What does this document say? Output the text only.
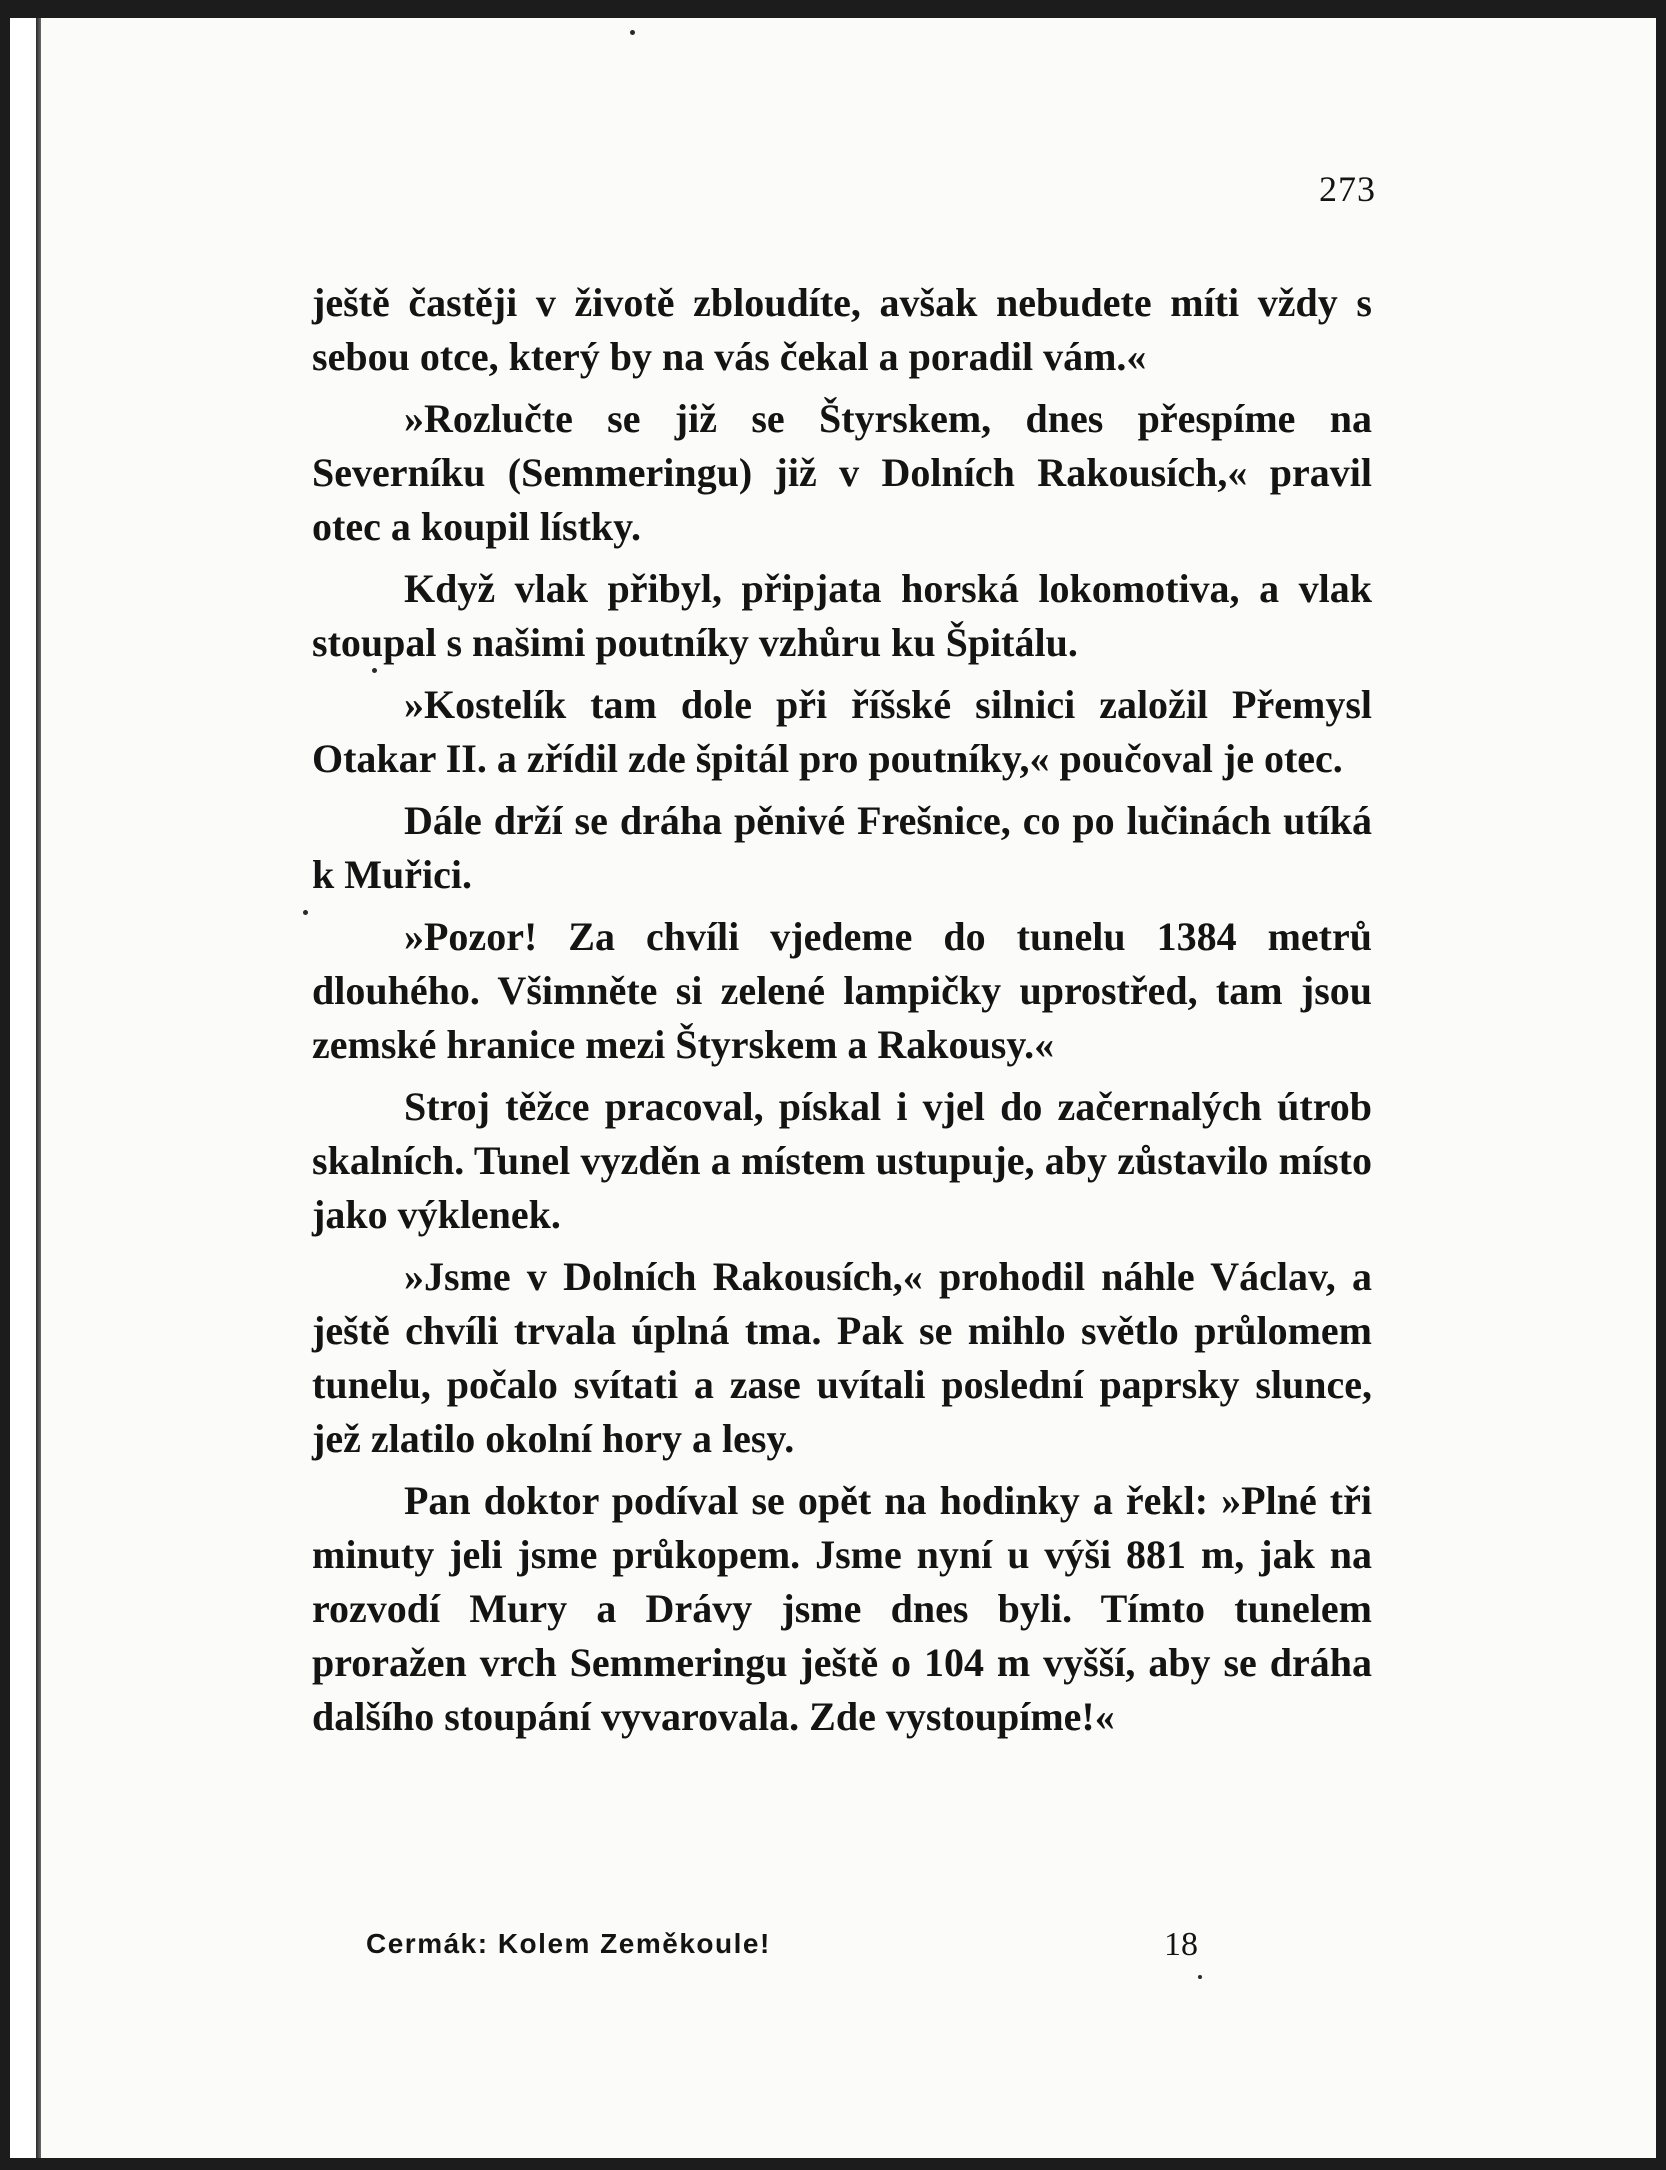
273

ještě častěji v životě zbloudíte, avšak nebudete míti vždy s sebou otce, který by na vás čekal a poradil vám.«

»Rozlučte se již se Štyrskem, dnes přespíme na Severníku (Semmeringu) již v Dolních Rakousích,« pravil otec a koupil lístky.

Když vlak přibyl, připjata horská lokomotiva, a vlak stoupal s našimi poutníky vzhůru ku Špitálu.

»Kostelík tam dole při říšské silnici založil Přemysl Otakar II. a zřídil zde špitál pro poutníky,« poučoval je otec.

Dále drží se dráha pěnivé Frešnice, co po lučinách utíká k Muřici.

»Pozor! Za chvíli vjedeme do tunelu 1384 metrů dlouhého. Všimněte si zelené lampičky uprostřed, tam jsou zemské hranice mezi Štyrskem a Rakousy.«

Stroj těžce pracoval, pískal i vjel do začernalých útrob skalních. Tunel vyzděn a místem ustupuje, aby zůstavilo místo jako výklenek.

»Jsme v Dolních Rakousích,« prohodil náhle Václav, a ještě chvíli trvala úplná tma. Pak se mihlo světlo průlomem tunelu, počalo svítati a zase uvítali poslední paprsky slunce, jež zlatilo okolní hory a lesy.

Pan doktor podíval se opět na hodinky a řekl: »Plné tři minuty jeli jsme průkopem. Jsme nyní u výši 881 m, jak na rozvodí Mury a Drávy jsme dnes byli. Tímto tunelem proražen vrch Semmeringu ještě o 104 m vyšší, aby se dráha dalšího stoupání vyvarovala. Zde vystoupíme!«

Cermák: Kolem Zeměkoule!	18
